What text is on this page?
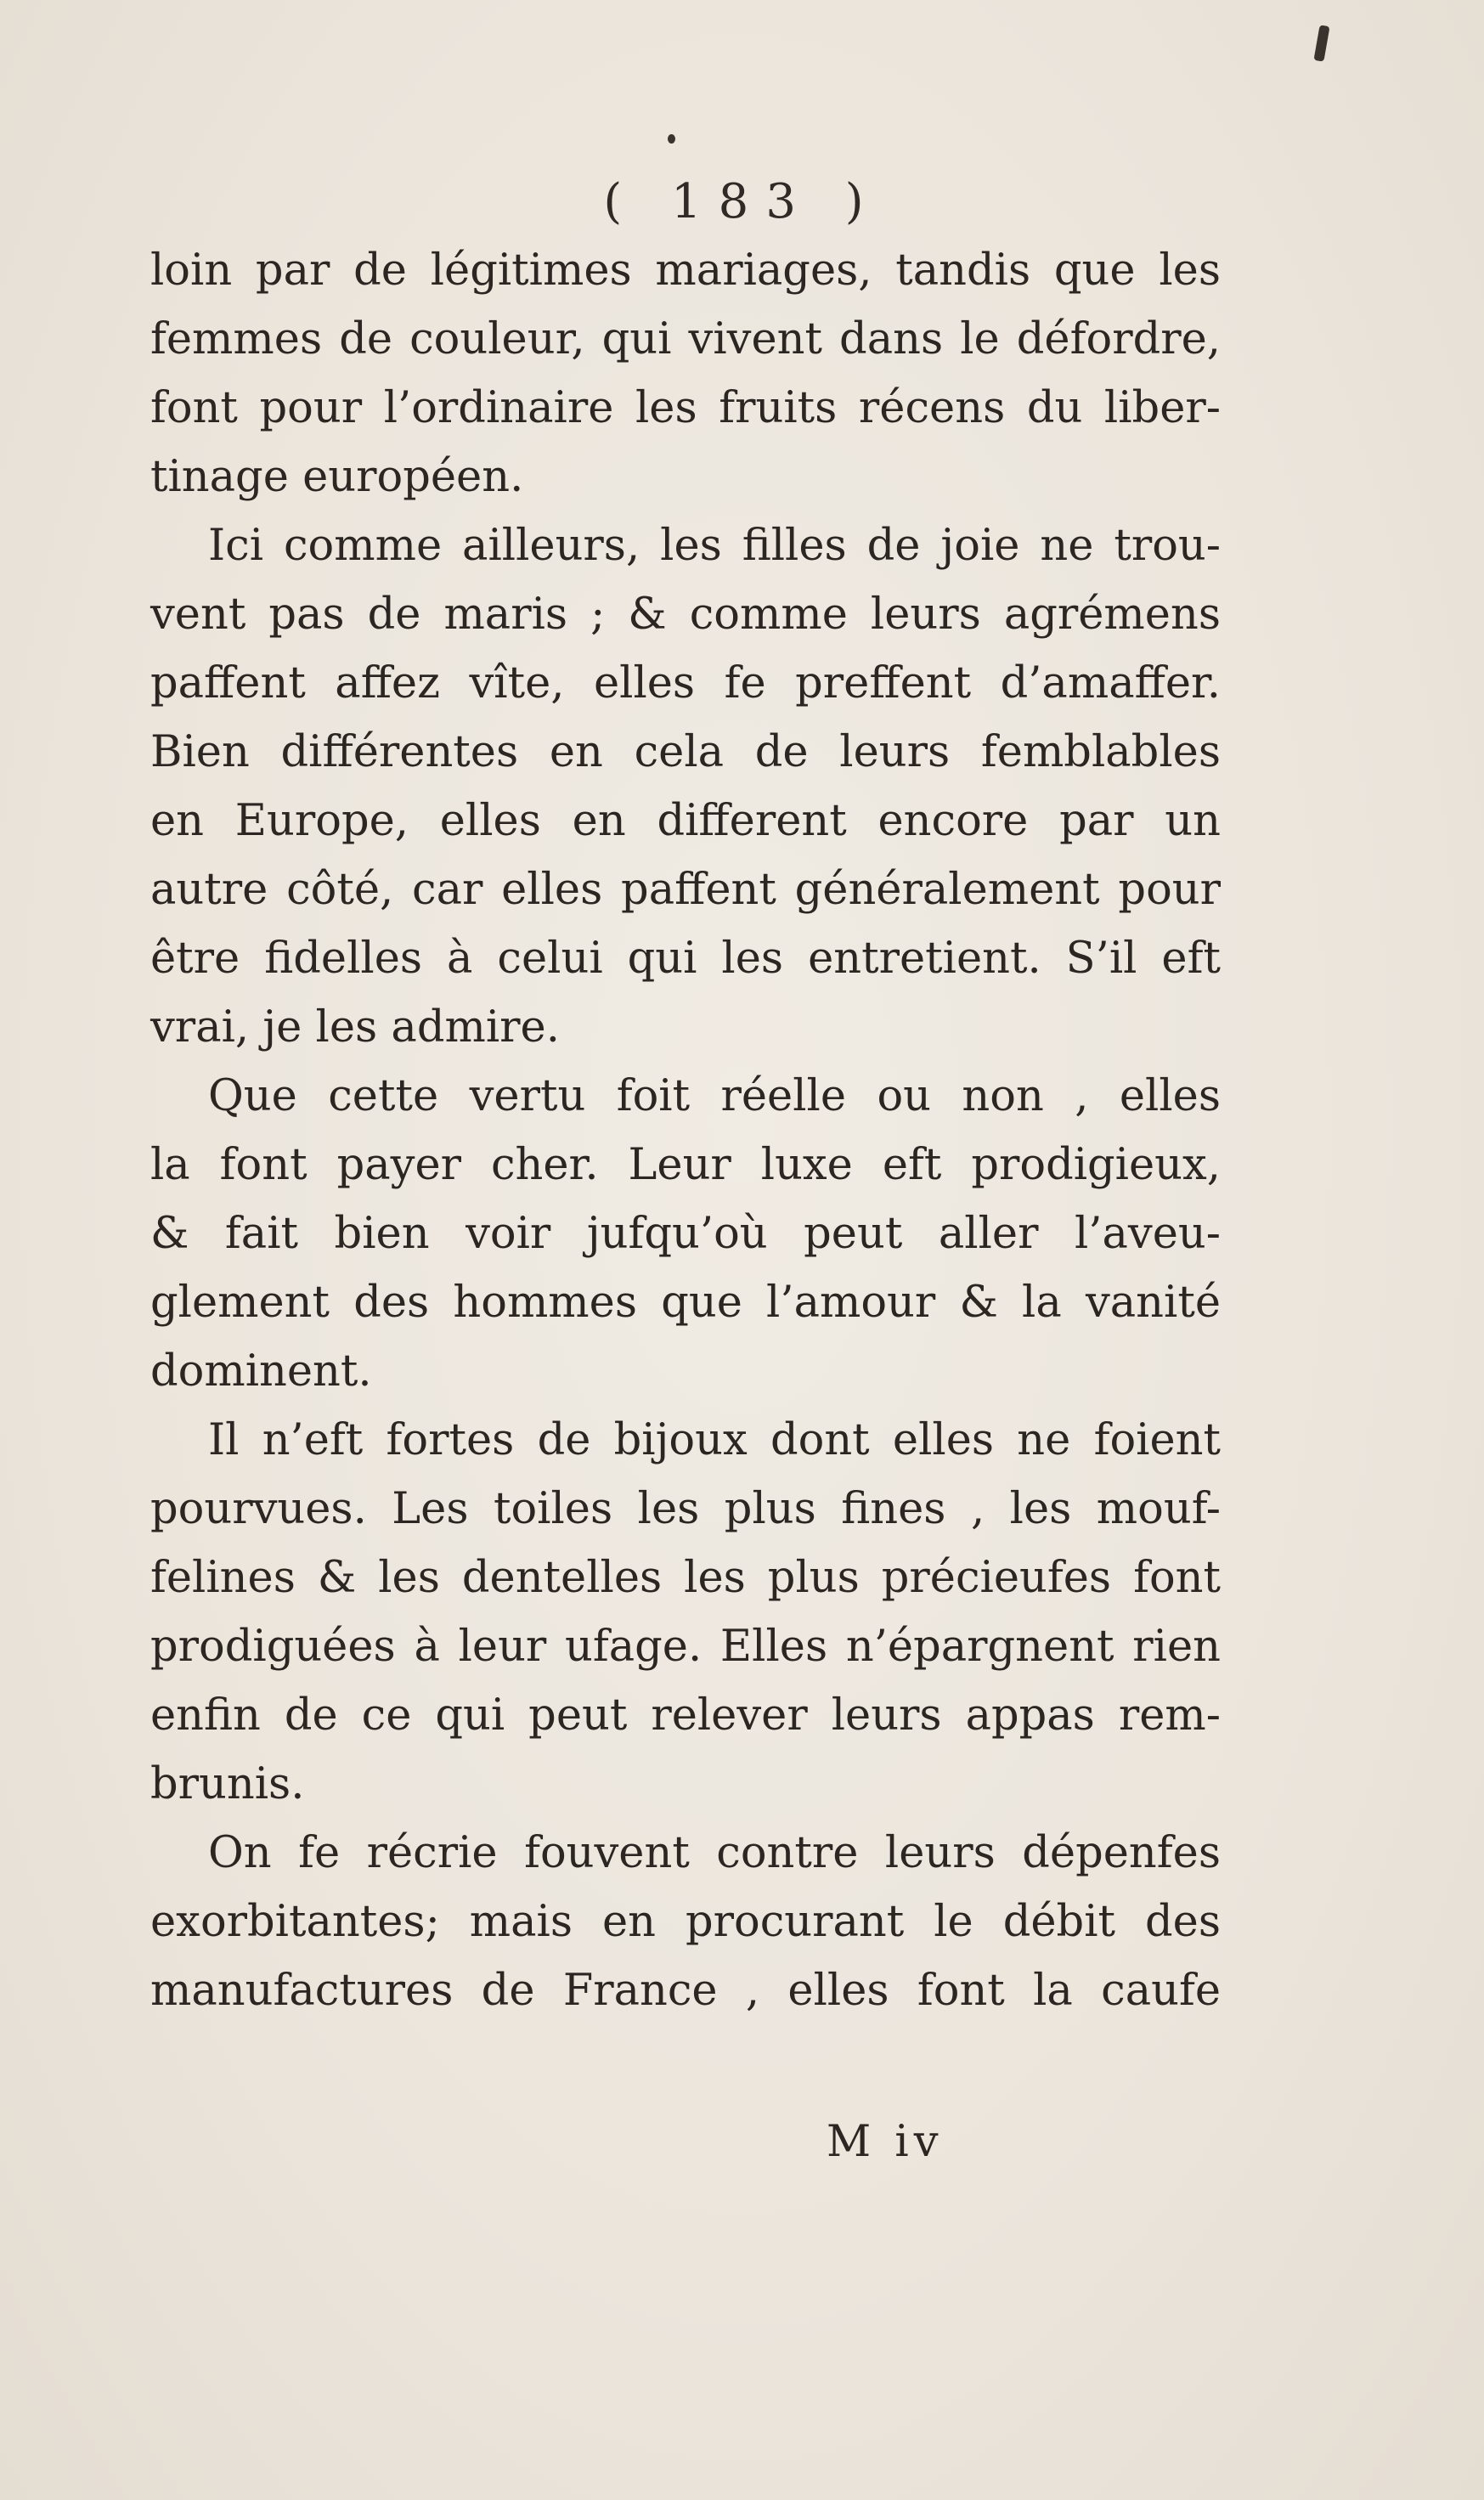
( 183 )
loin par de légitimes mariages, tandis que les
femmes de couleur, qui vivent dans le défordre,
font pour l’ordinaire les fruits récens du liber-
tinage européen.
Ici comme ailleurs, les filles de joie ne trou-
vent pas de maris ; & comme leurs agrémens
paffent affez vîte, elles fe preffent d’amaffer.
Bien différentes en cela de leurs femblables
en Europe, elles en different encore par un
autre côté, car elles paffent généralement pour
être fidelles à celui qui les entretient. S’il eft
vrai, je les admire.
Que cette vertu foit réelle ou non , elles
la font payer cher. Leur luxe eft prodigieux,
& fait bien voir jufqu’où peut aller l’aveu-
glement des hommes que l’amour & la vanité
dominent.
Il n’eft fortes de bijoux dont elles ne foient
pourvues. Les toiles les plus fines , les mouf-
felines & les dentelles les plus précieufes font
prodiguées à leur ufage. Elles n’épargnent rien
enfin de ce qui peut relever leurs appas rem-
brunis.
On fe récrie fouvent contre leurs dépenfes
exorbitantes; mais en procurant le débit des
manufactures de France , elles font la caufe
M iv
